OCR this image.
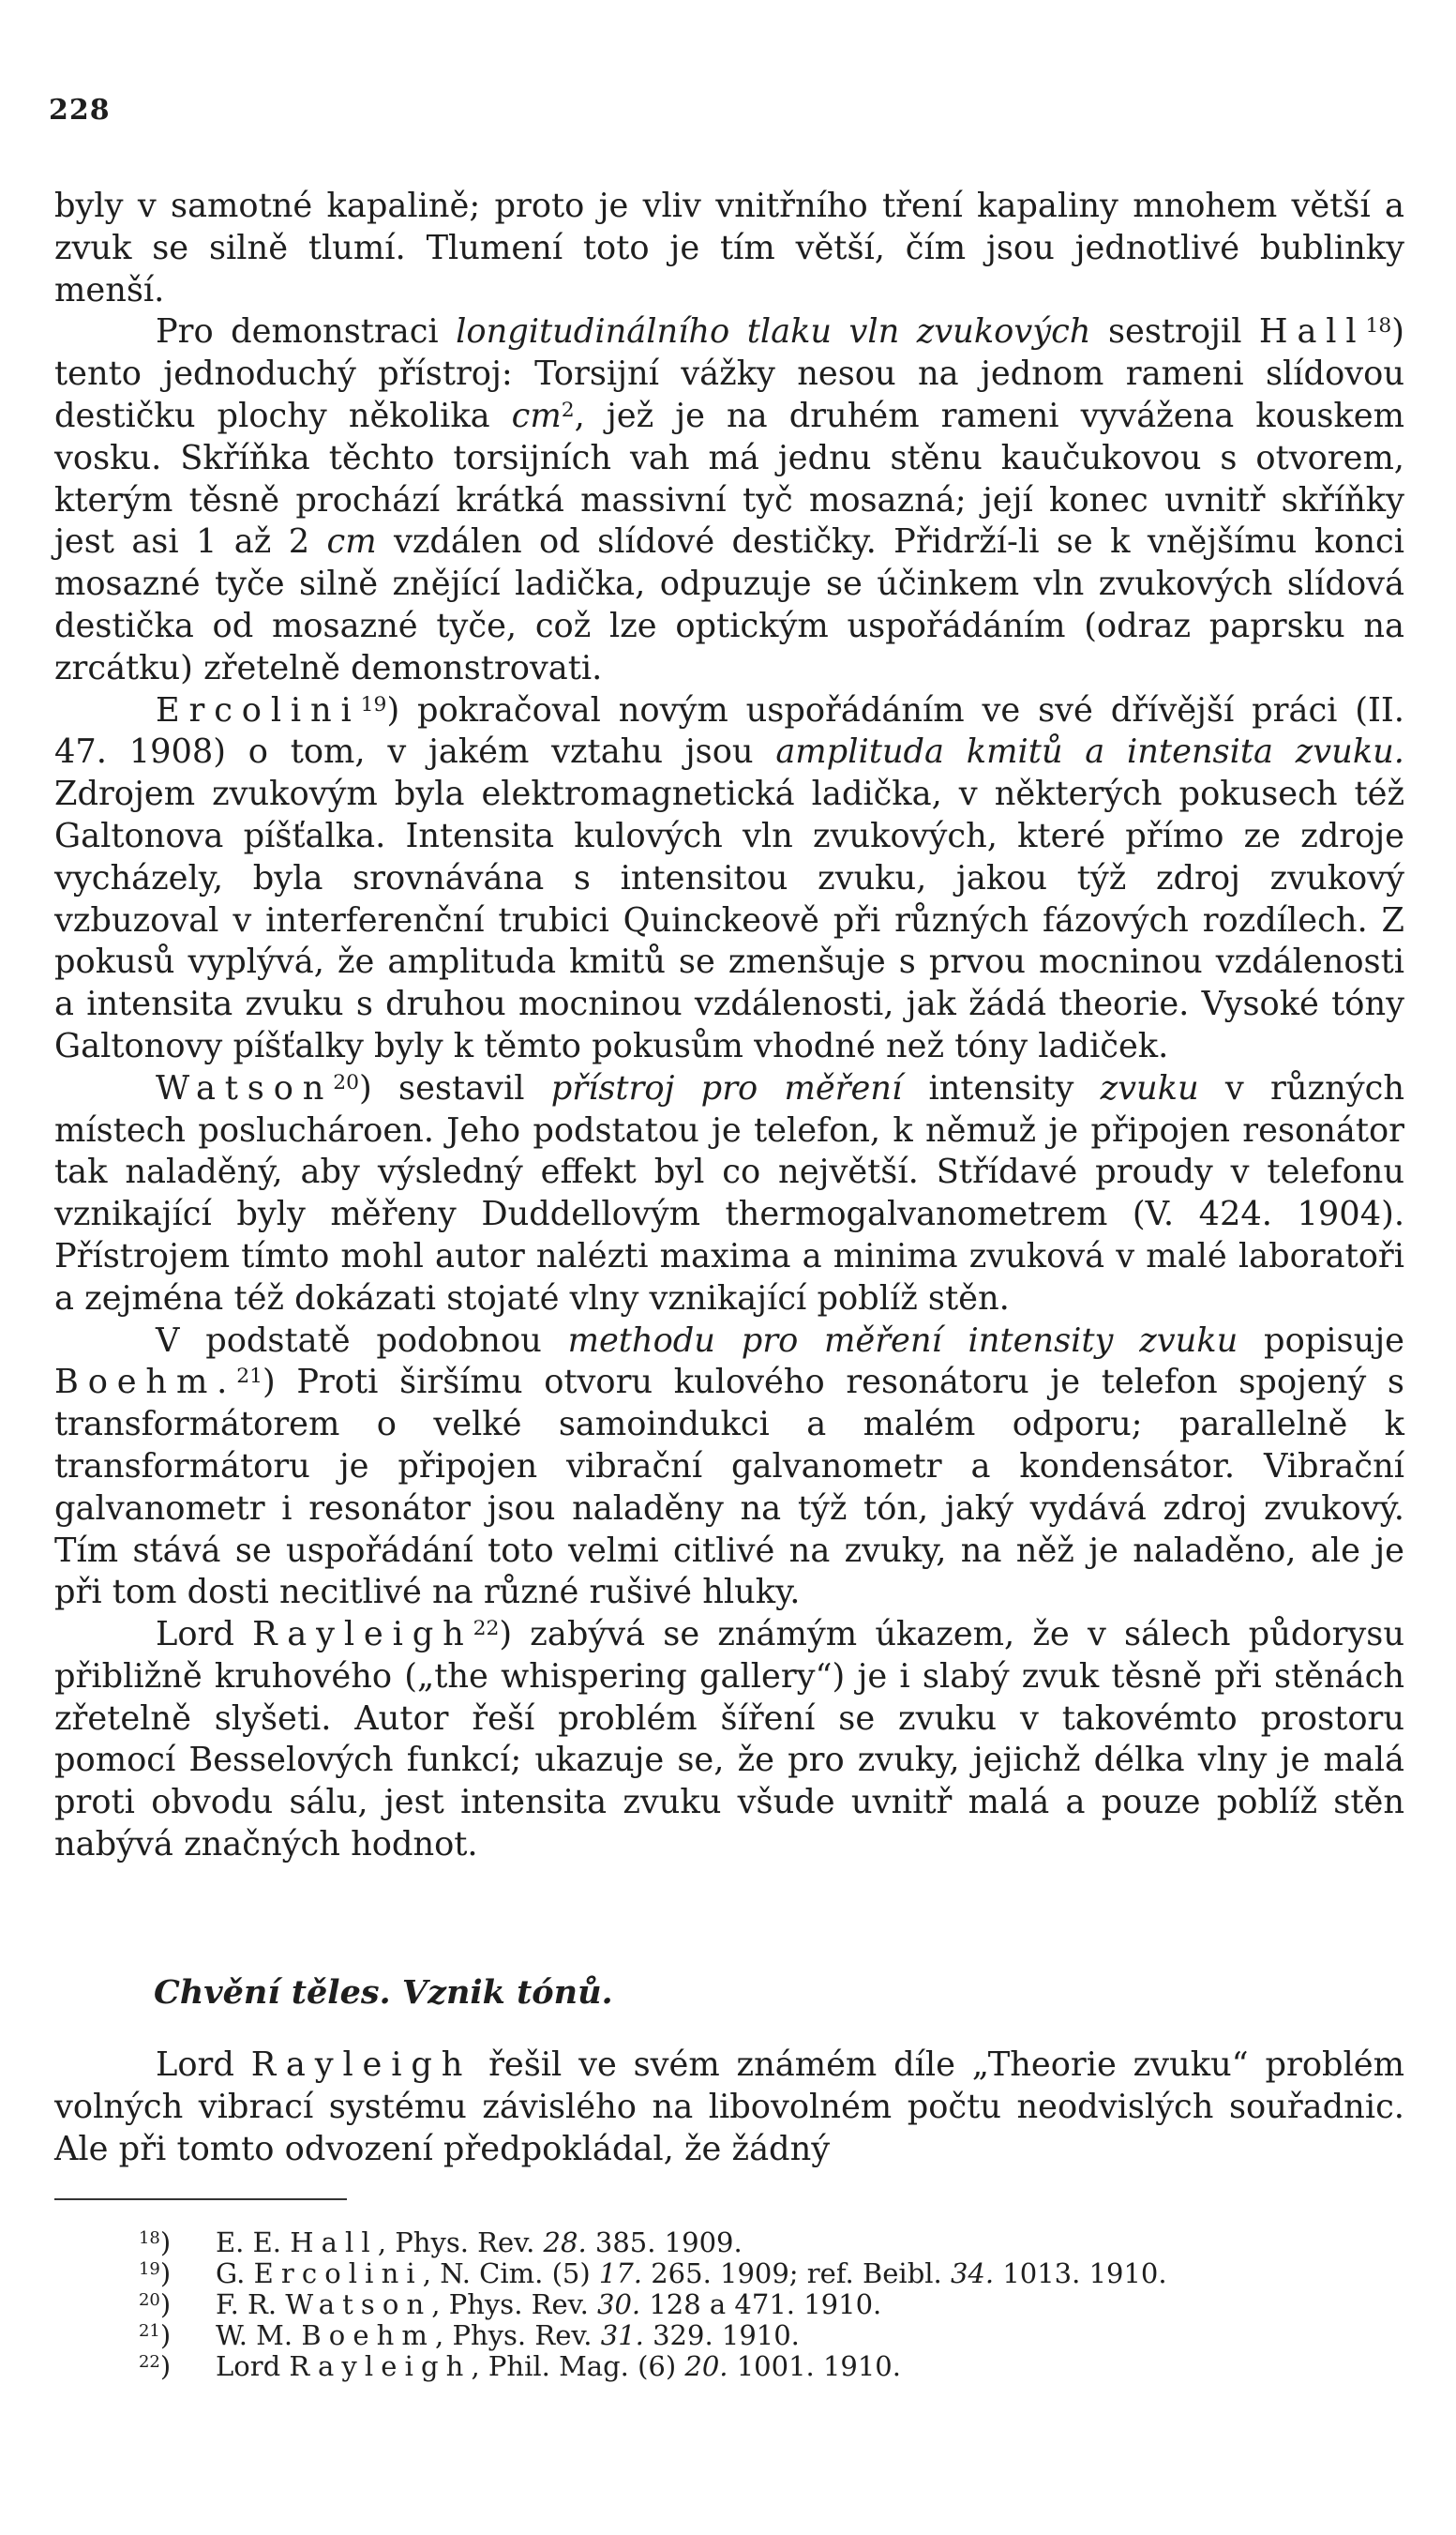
228

byly v samotné kapalině; proto je vliv vnitřního tření kapaliny mnohem větší a zvuk se silně tlumí. Tlumení toto je tím větší, čím jsou jednotlivé bublinky menší.

Pro demonstraci longitudinálního tlaku vln zvukových sestrojil Hall$^{18}$) tento jednoduchý přístroj: Torsijní vážky nesou na jednom rameni slídovou destičku plochy několika $cm^2$, jež je na druhém rameni vyvážena kouskem vosku. Skříňka těchto torsijních vah má jednu stěnu kaučukovou s otvorem, kterým těsně prochází krátká massivní tyč mosazná; její konec uvnitř skříňky jest asi 1 až 2 cm vzdálen od slídové destičky. Přidrží-li se k vnějšímu konci mosazné tyče silně znějící ladička, odpuzuje se účinkem vln zvukových slídová destička od mosazné tyče, což lze optickým uspořádáním (odraz paprsku na zrcátku) zřetelně demonstrovati.

Ercolini$^{19}$) pokračoval novým uspořádáním ve své dřívější práci (II. 47. 1908) o tom, v jakém vztahu jsou amplituda kmitů a intensita zvuku. Zdrojem zvukovým byla elektromagnetická ladička, v některých pokusech též Galtonova píšťalka. Intensita kulových vln zvukových, které přímo ze zdroje vycházely, byla srovnávána s intensitou zvuku, jakou týž zdroj zvukový vzbuzoval v interferenční trubici Quinckeově při různých fázových rozdílech. Z pokusů vyplývá, že amplituda kmitů se zmenšuje s prvou mocninou vzdálenosti a intensita zvuku s druhou mocninou vzdálenosti, jak žádá theorie. Vysoké tóny Galtonovy píšťalky byly k těmto pokusům vhodné než tóny ladiček.

Watson$^{20}$) sestavil přístroj pro měření intensity zvuku v různých místech posluchároen. Jeho podstatou je telefon, k němuž je připojen resonátor tak naladěný, aby výsledný effekt byl co největší. Střídavé proudy v telefonu vznikající byly měřeny Duddellovým thermogalvanometrem (V. 424. 1904). Přístrojem tímto mohl autor nalézti maxima a minima zvuková v malé laboratoři a zejména též dokázati stojaté vlny vznikající poblíž stěn.

V podstatě podobnou methodu pro měření intensity zvuku popisuje Boehm.$^{21}$) Proti širšímu otvoru kulového resonátoru je telefon spojený s transformátorem o velké samoindukci a malém odporu; parallelně k transformátoru je připojen vibrační galvanometr a kondensátor. Vibrační galvanometr i resonátor jsou naladěny na týž tón, jaký vydává zdroj zvukový. Tím stává se uspořádání toto velmi citlivé na zvuky, na něž je naladěno, ale je při tom dosti necitlivé na různé rušivé hluky.

Lord Rayleigh$^{22}$) zabývá se známým úkazem, že v sálech půdorysu přibližně kruhového („the whispering gallery“) je i slabý zvuk těsně při stěnách zřetelně slyšeti. Autor řeší problém šíření se zvuku v takovémto prostoru pomocí Besselových funkcí; ukazuje se, že pro zvuky, jejichž délka vlny je malá proti obvodu sálu, jest intensita zvuku všude uvnitř malá a pouze poblíž stěn nabývá značných hodnot.

Chvění těles. Vznik tónů.

Lord Rayleigh řešil ve svém známém díle „Theorie zvuku“ problém volných vibrací systému závislého na libovolném počtu neodvislých souřadnic. Ale při tomto odvození předpokládal, že žádný

$^{18}$) E. E. Hall, Phys. Rev. 28. 385. 1909.
$^{19}$) G. Ercolini, N. Cim. (5) 17. 265. 1909; ref. Beibl. 34. 1013. 1910.
$^{20}$) F. R. Watson, Phys. Rev. 30. 128 a 471. 1910.
$^{21}$) W. M. Boehm, Phys. Rev. 31. 329. 1910.
$^{22}$) Lord Rayleigh, Phil. Mag. (6) 20. 1001. 1910.
